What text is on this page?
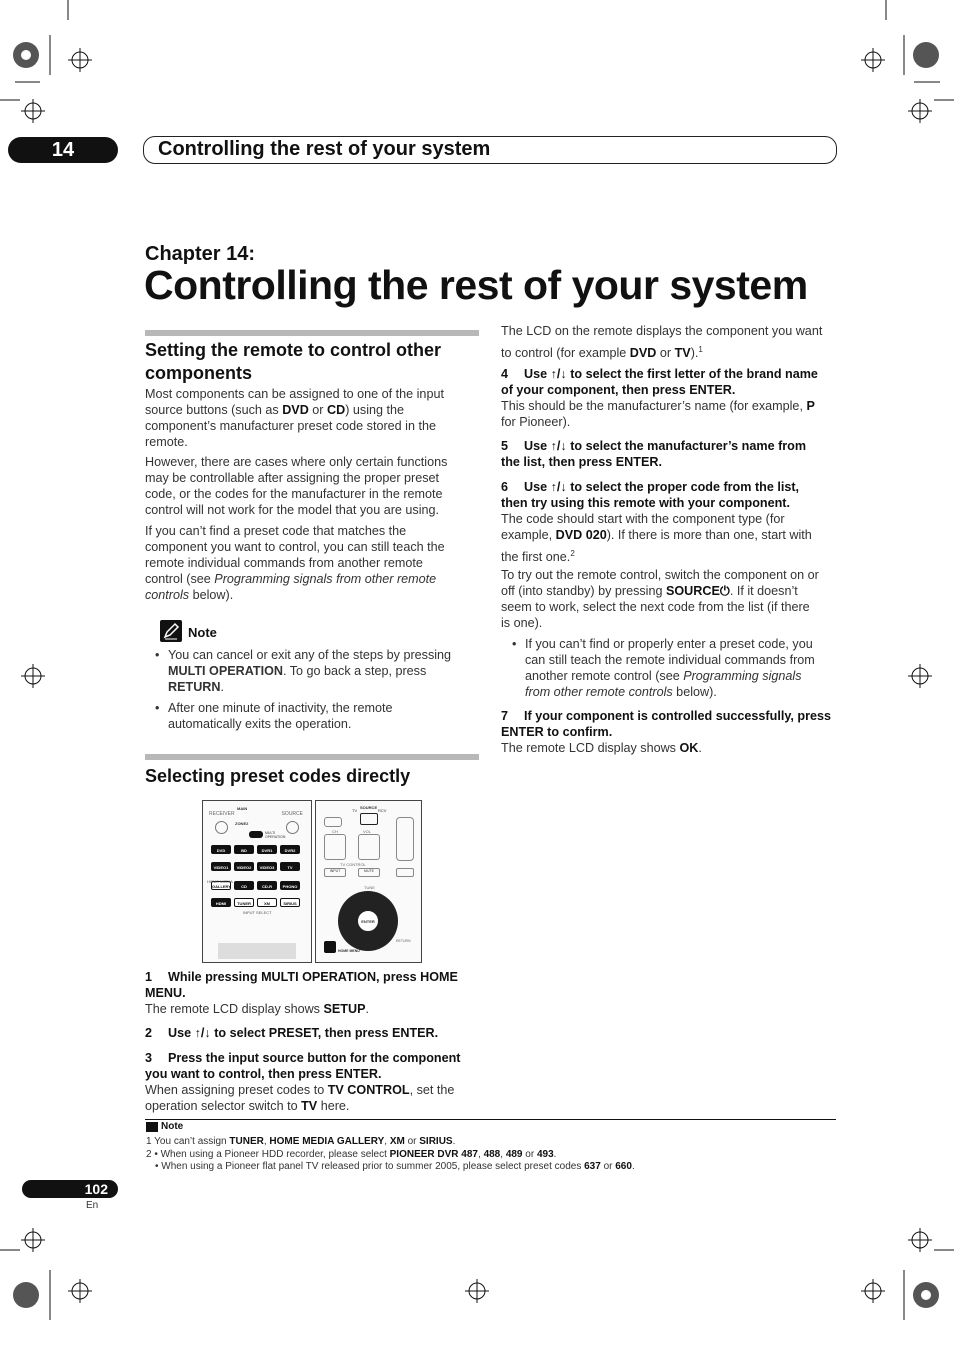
14	Controlling the rest of your system
Chapter 14:
Controlling the rest of your system
Setting the remote to control other
components
Most components can be assigned to one of the input
source buttons (such as DVD or CD) using the
component’s manufacturer preset code stored in the
remote.
However, there are cases where only certain functions
may be controllable after assigning the proper preset
code, or the codes for the manufacturer in the remote
control will not work for the model that you are using.
If you can’t find a preset code that matches the
component you want to control, you can still teach the
remote individual commands from another remote
control (see Programming signals from other remote
controls below).
Note
• You can cancel or exit any of the steps by pressing
MULTI OPERATION. To go back a step, press
RETURN.
• After one minute of inactivity, the remote
automatically exits the operation.
Selecting preset codes directly
RECEIVER	SOURCE
MAIN
ZONE2
MULTI OPERATION
DVD	BD	DVR1	DVR2
VIDEO1	VIDEO2	VIDEO3	TV
GALLERY	CD	CD-R	PHONO
HDMI	TUNER	XM	SIRIUS
HOME MEDIA
INPUT SELECT
TV
SOURCE
RCV
CH	VOL
TV CONTROL
INPUT	MUTE
TUNE
ENTER
HOME MENU
RETURN
1 While pressing MULTI OPERATION, press HOME
MENU.
The remote LCD display shows SETUP.
2 Use ↑/↓ to select PRESET, then press ENTER.
3 Press the input source button for the component
you want to control, then press ENTER.
When assigning preset codes to TV CONTROL, set the
operation selector switch to TV here.
The LCD on the remote displays the component you want
to control (for example DVD or TV).$^1$
4 Use ↑/↓ to select the first letter of the brand name
of your component, then press ENTER.
This should be the manufacturer’s name (for example, P
for Pioneer).
5 Use ↑/↓ to select the manufacturer’s name from
the list, then press ENTER.
6 Use ↑/↓ to select the proper code from the list,
then try using this remote with your component.
The code should start with the component type (for
example, DVD 020). If there is more than one, start with
the first one.$^2$
To try out the remote control, switch the component on or
off (into standby) by pressing SOURCE⏻. If it doesn’t
seem to work, select the next code from the list (if there
is one).
• If you can’t find or properly enter a preset code, you
can still teach the remote individual commands from
another remote control (see Programming signals
from other remote controls below).
7 If your component is controlled successfully, press
ENTER to confirm.
The remote LCD display shows OK.
Note
1 You can’t assign TUNER, HOME MEDIA GALLERY, XM or SIRIUS.
2 • When using a Pioneer HDD recorder, please select PIONEER DVR 487, 488, 489 or 493.
• When using a Pioneer flat panel TV released prior to summer 2005, please select preset codes 637 or 660.
102
En
